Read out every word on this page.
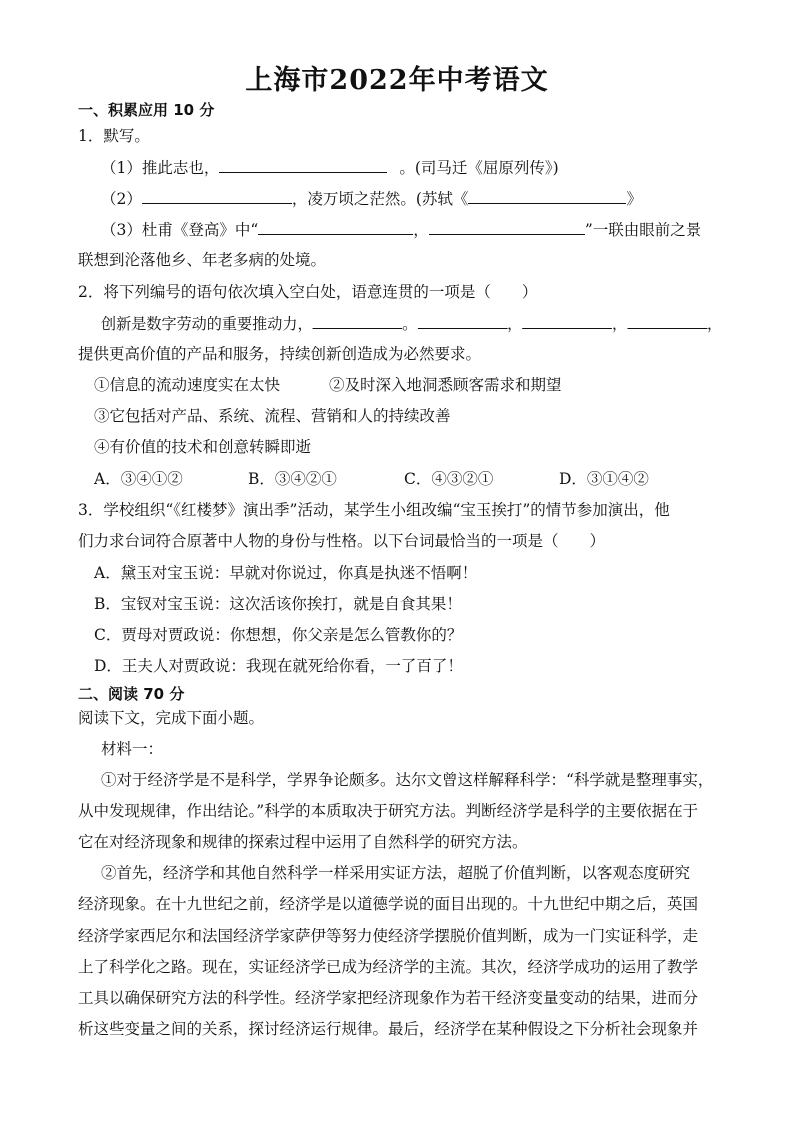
上海市2022年中考语文
一、积累应用 10 分
1．默写。
（1）推此志也，	。(司马迁《屈原列传》)
（2）	，凌万顷之茫然。(苏轼《	》
（3）杜甫《登高》中“	，	”一联由眼前之景
联想到沦落他乡、年老多病的处境。
2．将下列编号的语句依次填入空白处，语意连贯的一项是（　　）
创新是数字劳动的重要推动力，	。	，	，	，
提供更高价值的产品和服务，持续创新创造成为必然要求。
①信息的流动速度实在太快	②及时深入地洞悉顾客需求和期望
③它包括对产品、系统、流程、营销和人的持续改善
④有价值的技术和创意转瞬即逝
A．③④①②	B．③④②①	C．④③②①	D．③①④②
3．学校组织“《红楼梦》演出季”活动，某学生小组改编“宝玉挨打”的情节参加演出，他
们力求台词符合原著中人物的身份与性格。以下台词最恰当的一项是（　　）
A．黛玉对宝玉说：早就对你说过，你真是执迷不悟啊！
B．宝钗对宝玉说：这次活该你挨打，就是自食其果！
C．贾母对贾政说：你想想，你父亲是怎么管教你的？
D．王夫人对贾政说：我现在就死给你看，一了百了！
二、阅读 70 分
阅读下文，完成下面小题。
材料一：
①对于经济学是不是科学，学界争论颇多。达尔文曾这样解释科学：“科学就是整理事实，
从中发现规律，作出结论。”科学的本质取决于研究方法。判断经济学是科学的主要依据在于
它在对经济现象和规律的探索过程中运用了自然科学的研究方法。
②首先，经济学和其他自然科学一样采用实证方法，超脱了价值判断，以客观态度研究
经济现象。在十九世纪之前，经济学是以道德学说的面目出现的。十九世纪中期之后，英国
经济学家西尼尔和法国经济学家萨伊等努力使经济学摆脱价值判断，成为一门实证科学，走
上了科学化之路。现在，实证经济学已成为经济学的主流。其次，经济学成功的运用了教学
工具以确保研究方法的科学性。经济学家把经济现象作为若干经济变量变动的结果，进而分
析这些变量之间的关系，探讨经济运行规律。最后，经济学在某种假设之下分析社会现象并
